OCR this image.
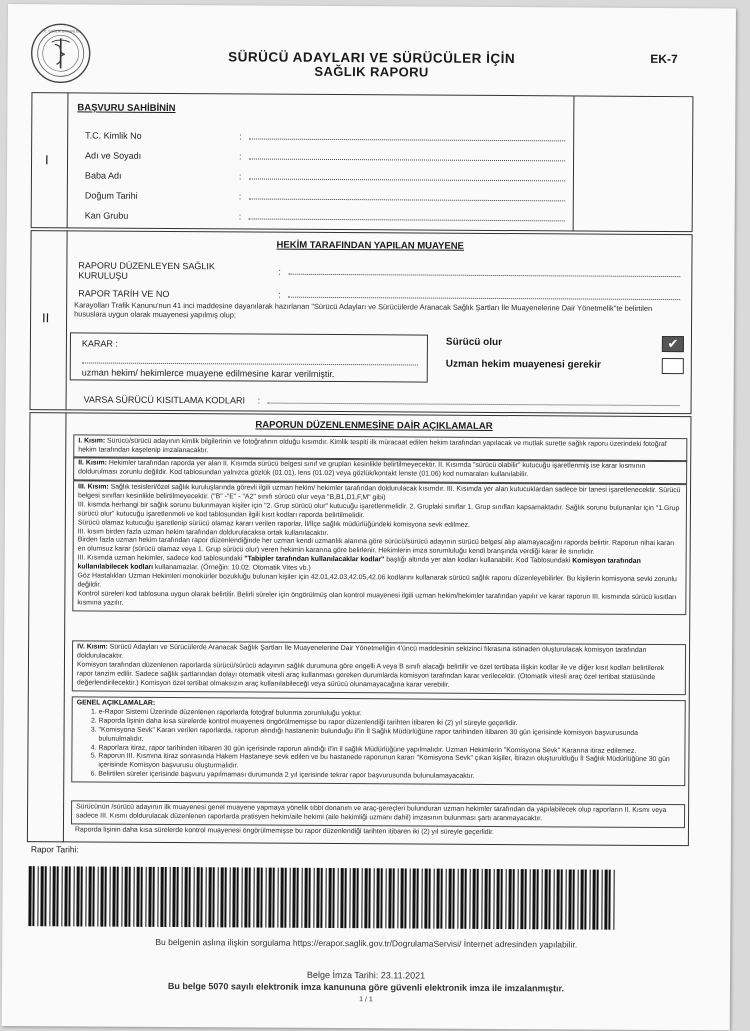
T.C. SAĞLIK BAKANLIĞI
SÜRÜCÜ ADAYLARI VE SÜRÜCÜLER İÇİN
SAĞLIK RAPORU
EK-7
I
BAŞVURU SAHİBİNİN
T.C. Kimlik No	:
Adı ve Soyadı	:
Baba Adı	:
Doğum Tarihi	:
Kan Grubu	:
II
HEKİM TARAFINDAN YAPILAN MUAYENE
RAPORU DÜZENLEYEN SAĞLIK
KURULUŞU	:
RAPOR TARİH VE NO	:
Karayolları Trafik Kanunu'nun 41 inci maddesine dayanılarak hazırlanan "Sürücü Adayları ve Sürücülerde Aranacak Sağlık Şartları İle Muayenelerine Dair Yönetmelik"te belirtilen hususlara uygun olarak muayenesi yapılmış olup;
KARAR :
uzman hekim/ hekimlerce muayene edilmesine karar verilmiştir.
Sürücü olur	✔
Uzman hekim muayenesi gerekir
VARSA SÜRÜCÜ KISITLAMA KODLARI :
RAPORUN DÜZENLENMESİNE DAİR AÇIKLAMALAR
I. Kısım: Sürücü/sürücü adayının kimlik bilgilerinin ve fotoğrafının olduğu kısımdır. Kimlik tespiti ilk müracaat edilen hekim tarafından yapılacak ve mutlak surette sağlık raporu üzerindeki fotoğraf hekim tarafından kaşelenip imzalanacaktır.
II. Kısım: Hekimler tarafından raporda yer alan II. Kısımda sürücü belgesi sınıf ve grupları kesinlikle belirtilmeyecektir. II. Kısımda "sürücü olabilir" kutucuğu işaretlenmiş ise karar kısmının doldurulması zorunlu değildir. Kod tablosundan yalnızca gözlük (01.01), lens (01.02) veya gözlük/kontakt lenste (01.06) kod numaraları kullanılabilir.
III. Kısım: Sağlık tesisleri/özel sağlık kuruluşlarında görevli ilgili uzman hekim/ hekimler tarafından doldurulacak kısımdır. III. Kısımda yer alan kutucuklardan sadece bir tanesi işaretlenecektir. Sürücü belgesi sınıfları kesinlikle belirtilmeyecektir. ("B" -"E" - "A2" sınıfı sürücü olur veya "B,B1,D1,F,M" gibi)
III. kısmda herhangi bir sağlık sorunu bulunmayan kişiler için "2. Grup sürücü olur" kutucuğu işaretlenmelidir. 2. Gruplaki sınıflar 1. Grup sınıfları kapsamaktadır. Sağlık sorunu bulunanlar için "1.Grup sürücü olur" kutucuğu işaretlenmeli ve kod tablosundan ilgili kısıt kodları raporda belirtilmelidir.
Sürücü olamaz kutucuğu işaretlenip sürücü olamaz kararı verilen raporlar, İl/İlçe sağlık müdürlüğündeki komisyona sevk edilmez.
III. kısım birden fazla uzman hekim tarafından doldurulacaksa ortak kullanılacaktır.
Birden fazla uzman hekim tarafından rapor düzenlendiğinde her uzman kendi uzmanlık alanına göre sürücü/sürücü adayının sürücü belgesi alıp alamayacağını raporda belirtir. Raporun nihai kararı en olumsuz karar (sürücü olamaz veya 1. Grup sürücü olur) veren hekimin kararına göre belirlenir. Hekimlerin imza sorumluluğu kendi branşında verdiği karar ile sınırlıdır.
III. Kısımda uzman hekimler, sadece kod tablosundaki "Tabipler tarafından kullanılacaklar kodlar" başlığı altında yer alan kodları kullanabilir. Kod Tablosundaki Komisyon tarafından kullanılabilecek kodları kullanamazlar. (Örneğin: 10.02. Otomatik Vites vb.)
Göz Hastalıkları Uzman Hekimleri monokürler bozukluğu bulunan kişiler için 42.01,42.03,42.05,42.06 kodlarını kullanarak sürücü sağlık raporu düzenleyebilirler. Bu kişilerin komisyona sevki zorunlu değildir.
Kontrol süreleri kod tablosuna uygun olarak belirtilir. Belirli süreler için öngörülmüş olan kontrol muayenesi ilgili uzman hekim/hekimler tarafından yapılır ve karar raporun III. kısmında sürücü kısıtları kısmına yazılır.
IV. Kısım: Sürücü Adayları ve Sürücülerde Aranacak Sağlık Şartları İle Muayenelerine Dair Yönetmeliğin 4'üncü maddesinin sekizinci fıkrasına istinaden oluşturulacak komisyon tarafından doldurulacaktır.
Komisyon tarafından düzenlenen raporlarda sürücü/sürücü adayının sağlık durumuna göre engelli A veya B sınıfı alacağı belirtilir ve özel tertibata ilişkin kodlar ile ve diğer kısıt kodları belirtilerek rapor tanzim edilir. Sadece sağlık şartlarından dolayı otomatik vitesli araç kullanması gereken durumlarda komisyon tarafından karar verilecektir. (Otomatik vitesli araç özel tertibat statüsünde değerlendirilecektir.) Komisyon özel tertibat olmaksızın araç kullanılabileceği veya sürücü olunamayacağına karar verebilir.
GENEL AÇIKLAMALAR:
1. e-Rapor Sistemi Üzerinde düzenlenen raporlarda fotoğraf bulunma zorunluluğu yoktur.
2. Raporda lişinin daha kısa sürelerde kontrol muayenesi öngörülmemişse bu rapor düzenlendiği tarihten itibaren iki (2) yıl süreyle geçerlidir.
3. "Komisyona Sevk" Kararı verilen raporlarda, raporun alındığı hastanenin bulunduğu il'in İl Sağlık Müdürlüğüne rapor tarihinden itibaren 30 gün içerisinde komisyon başvurusunda bulunulmalıdır.
4. Raporlara itiraz, rapor tarihinden itibaren 30 gün içerisinde raporun alındığı il'in il sağlık Müdürlüğüne yapılmalıdır. Uzman Hekimlerin "Komisyona Sevk" Kararına itiraz edilemez.
5. Raporun III. Kısmına itiraz sonrasında Hakem Hastaneye sevk edilen ve bu hastanede raporunun kararı "Komisyona Sevk" çıkan kişiler, İtirazın oluşturulduğu İl Sağlık Müdürlüğüne 30 gün içerisinde Komisyon başvurusu oluşturmalıdır.
6. Belirtilen süreler içerisinde başvuru yapılmaması durumunda 2 yıl içerisinde tekrar rapor başvurusunda bulunulamayacaktır.
Sürücünün /sürücü adayının ilk muayenesi genel muayene yapmaya yönelik tıbbi donanım ve araç-gereçleri bulunduran uzman hekimler tarafından da yapılabilecek olup raporların II. Kısmı veya sadece III. Kısmı doldurulacak düzenlenen raporlarda pratisyen hekim/aile hekimi (aile hekimliği uzmanı dahil) imzasının bulunması şartı aranmayacaktır.
Raporda lişinin daha kısa sürelerde kontrol muayenesi öngörülmemişse bu rapor düzenlendiği tarihten itibaren iki (2) yıl süreyle geçerlidir.
Rapor Tarihi:
Bu belgenin aslına ilişkin sorgulama https://erapor.saglik.gov.tr/DogrulamaServisi/ İnternet adresinden yapılabilir.
Belge İmza Tarihi: 23.11.2021
Bu belge 5070 sayılı elektronik imza kanununa göre güvenli elektronik imza ile imzalanmıştır.
1 / 1
